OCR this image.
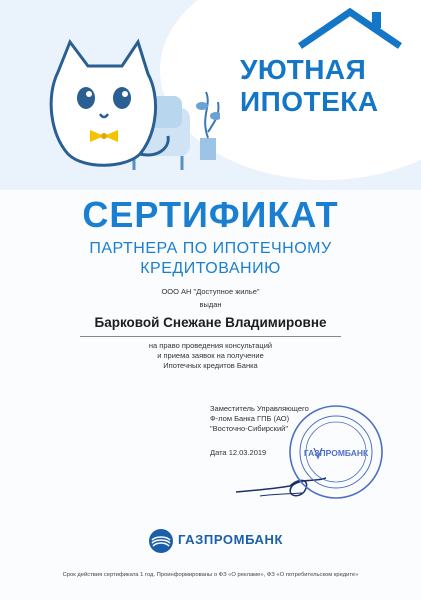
УЮТНАЯ
ИПОТЕКА
СЕРТИФИКАТ
ПАРТНЕРА ПО ИПОТЕЧНОМУ
КРЕДИТОВАНИЮ
ООО АН "Доступное жилье"
выдан
Барковой Снежане Владимировне
на право проведения консультаций
и приема заявок на получение
Ипотечных кредитов Банка
Заместитель Управляющего
Ф-лом Банка ГПБ (АО)
"Восточно-Сибирский"
Дата 12.03.2019	ГАЗПРОМБАНК
ГАЗПРОМБАНК
Срок действия сертификата 1 год. Проинформированы о ФЗ «О рекламе», ФЗ «О потребительском кредите»
